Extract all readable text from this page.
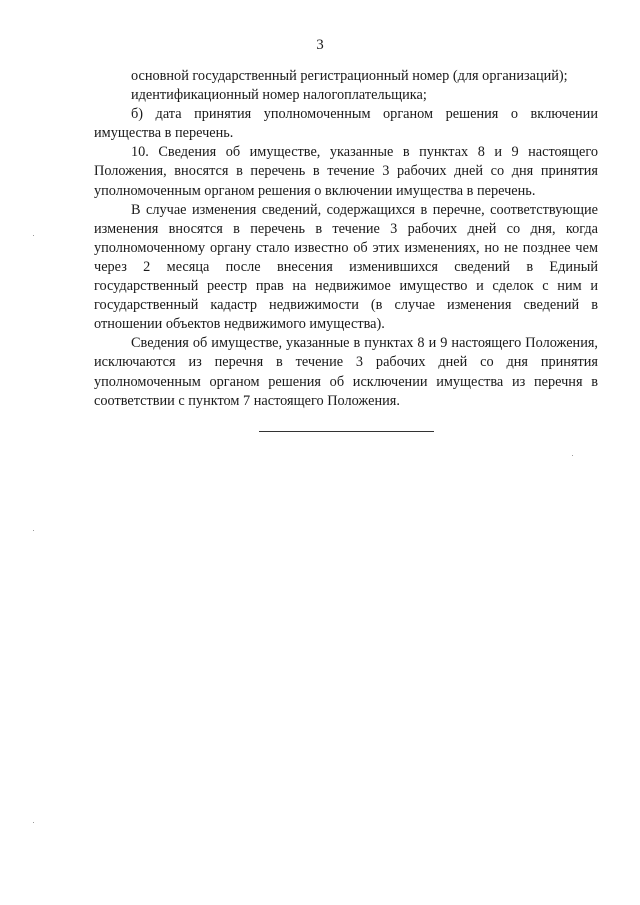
3

основной государственный регистрационный номер (для организаций);

идентификационный номер налогоплательщика;

б) дата принятия уполномоченным органом решения о включении имущества в перечень.

10. Сведения об имуществе, указанные в пунктах 8 и 9 настоящего Положения, вносятся в перечень в течение 3 рабочих дней со дня принятия уполномоченным органом решения о включении имущества в перечень.

В случае изменения сведений, содержащихся в перечне, соответствующие изменения вносятся в перечень в течение 3 рабочих дней со дня, когда уполномоченному органу стало известно об этих изменениях, но не позднее чем через 2 месяца после внесения изменившихся сведений в Единый государственный реестр прав на недвижимое имущество и сделок с ним и государственный кадастр недвижимости (в случае изменения сведений в отношении объектов недвижимого имущества).

Сведения об имуществе, указанные в пунктах 8 и 9 настоящего Положения, исключаются из перечня в течение 3 рабочих дней со дня принятия уполномоченным органом решения об исключении имущества из перечня в соответствии с пунктом 7 настоящего Положения.
